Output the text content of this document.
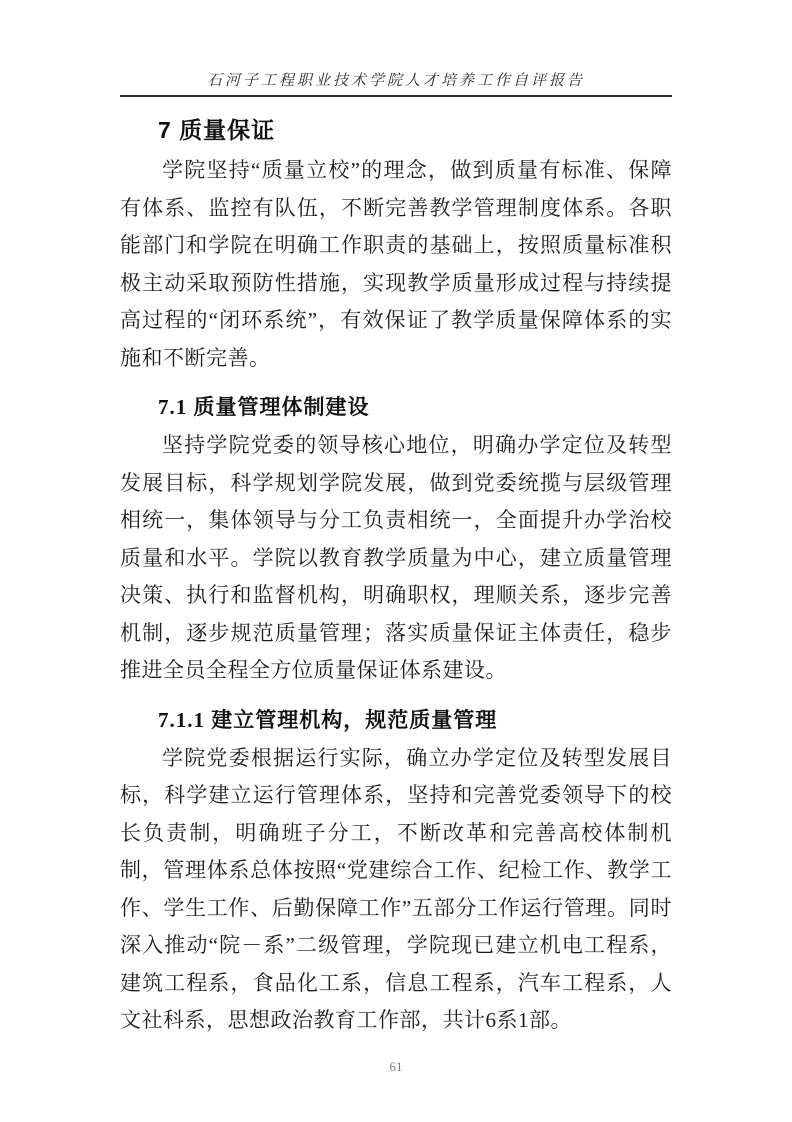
石河子工程职业技术学院人才培养工作自评报告
7 质量保证

学院坚持“质量立校”的理念，做到质量有标准、保障有体系、监控有队伍，不断完善教学管理制度体系。各职能部门和学院在明确工作职责的基础上，按照质量标准积极主动采取预防性措施，实现教学质量形成过程与持续提高过程的“闭环系统”，有效保证了教学质量保障体系的实施和不断完善。

7.1 质量管理体制建设

坚持学院党委的领导核心地位，明确办学定位及转型发展目标，科学规划学院发展，做到党委统揽与层级管理相统一，集体领导与分工负责相统一，全面提升办学治校质量和水平。学院以教育教学质量为中心，建立质量管理决策、执行和监督机构，明确职权，理顺关系，逐步完善机制，逐步规范质量管理；落实质量保证主体责任，稳步推进全员全程全方位质量保证体系建设。

7.1.1 建立管理机构，规范质量管理

学院党委根据运行实际，确立办学定位及转型发展目标，科学建立运行管理体系，坚持和完善党委领导下的校长负责制，明确班子分工，不断改革和完善高校体制机制，管理体系总体按照“党建综合工作、纪检工作、教学工作、学生工作、后勤保障工作”五部分工作运行管理。同时深入推动“院－系”二级管理，学院现已建立机电工程系，建筑工程系，食品化工系，信息工程系，汽车工程系，人文社科系，思想政治教育工作部，共计6系1部。

61
